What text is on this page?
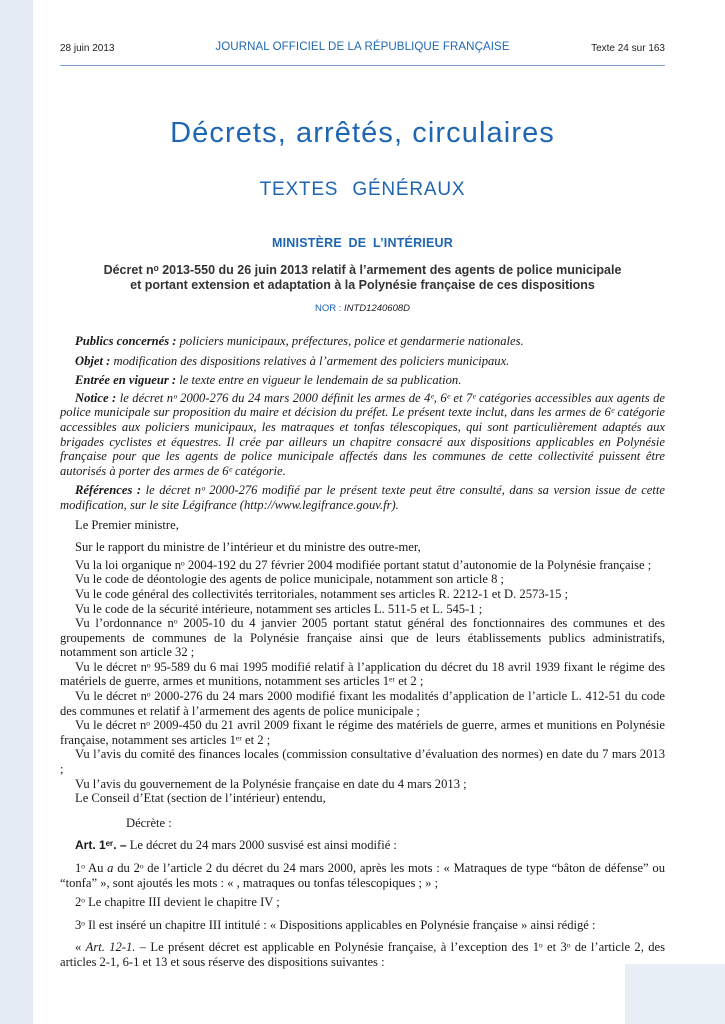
28 juin 2013	JOURNAL OFFICIEL DE LA RÉPUBLIQUE FRANÇAISE	Texte 24 sur 163
Décrets, arrêtés, circulaires
TEXTES GÉNÉRAUX
MINISTÈRE DE L’INTÉRIEUR
Décret nᵒ 2013-550 du 26 juin 2013 relatif à l’armement des agents de police municipale
et portant extension et adaptation à la Polynésie française de ces dispositions
NOR : INTD1240608D

Publics concernés : policiers municipaux, préfectures, police et gendarmerie nationales.

Objet : modification des dispositions relatives à l’armement des policiers municipaux.

Entrée en vigueur : le texte entre en vigueur le lendemain de sa publication.

Notice : le décret nᵒ 2000-276 du 24 mars 2000 définit les armes de 4ᵉ, 6ᵉ et 7ᵉ catégories accessibles aux agents de police municipale sur proposition du maire et décision du préfet. Le présent texte inclut, dans les armes de 6ᵉ catégorie accessibles aux policiers municipaux, les matraques et tonfas télescopiques, qui sont particulièrement adaptés aux brigades cyclistes et équestres. Il crée par ailleurs un chapitre consacré aux dispositions applicables en Polynésie française pour que les agents de police municipale affectés dans les communes de cette collectivité puissent être autorisés à porter des armes de 6ᵉ catégorie.

Références : le décret nᵒ 2000-276 modifié par le présent texte peut être consulté, dans sa version issue de cette modification, sur le site Légifrance (http://www.legifrance.gouv.fr).

Le Premier ministre,

Sur le rapport du ministre de l’intérieur et du ministre des outre-mer,

Vu la loi organique nᵒ 2004-192 du 27 février 2004 modifiée portant statut d’autonomie de la Polynésie française ;

Vu le code de déontologie des agents de police municipale, notamment son article 8 ;

Vu le code général des collectivités territoriales, notamment ses articles R. 2212-1 et D. 2573-15 ;

Vu le code de la sécurité intérieure, notamment ses articles L. 511-5 et L. 545-1 ;

Vu l’ordonnance nᵒ 2005-10 du 4 janvier 2005 portant statut général des fonctionnaires des communes et des groupements de communes de la Polynésie française ainsi que de leurs établissements publics administratifs, notamment son article 32 ;

Vu le décret nᵒ 95-589 du 6 mai 1995 modifié relatif à l’application du décret du 18 avril 1939 fixant le régime des matériels de guerre, armes et munitions, notamment ses articles 1ᵉʳ et 2 ;

Vu le décret nᵒ 2000-276 du 24 mars 2000 modifié fixant les modalités d’application de l’article L. 412-51 du code des communes et relatif à l’armement des agents de police municipale ;

Vu le décret nᵒ 2009-450 du 21 avril 2009 fixant le régime des matériels de guerre, armes et munitions en Polynésie française, notamment ses articles 1ᵉʳ et 2 ;

Vu l’avis du comité des finances locales (commission consultative d’évaluation des normes) en date du 7 mars 2013 ;

Vu l’avis du gouvernement de la Polynésie française en date du 4 mars 2013 ;

Le Conseil d’Etat (section de l’intérieur) entendu,

Décrète :

Art. 1ᵉʳ. – Le décret du 24 mars 2000 susvisé est ainsi modifié :

1ᵒ Au a du 2ᵒ de l’article 2 du décret du 24 mars 2000, après les mots : « Matraques de type “bâton de défense” ou “tonfa” », sont ajoutés les mots : « , matraques ou tonfas télescopiques ; » ;

2ᵒ Le chapitre III devient le chapitre IV ;

3ᵒ Il est inséré un chapitre III intitulé : « Dispositions applicables en Polynésie française » ainsi rédigé :

« Art. 12-1. – Le présent décret est applicable en Polynésie française, à l’exception des 1ᵒ et 3ᵒ de l’article 2, des articles 2-1, 6-1 et 13 et sous réserve des dispositions suivantes :
